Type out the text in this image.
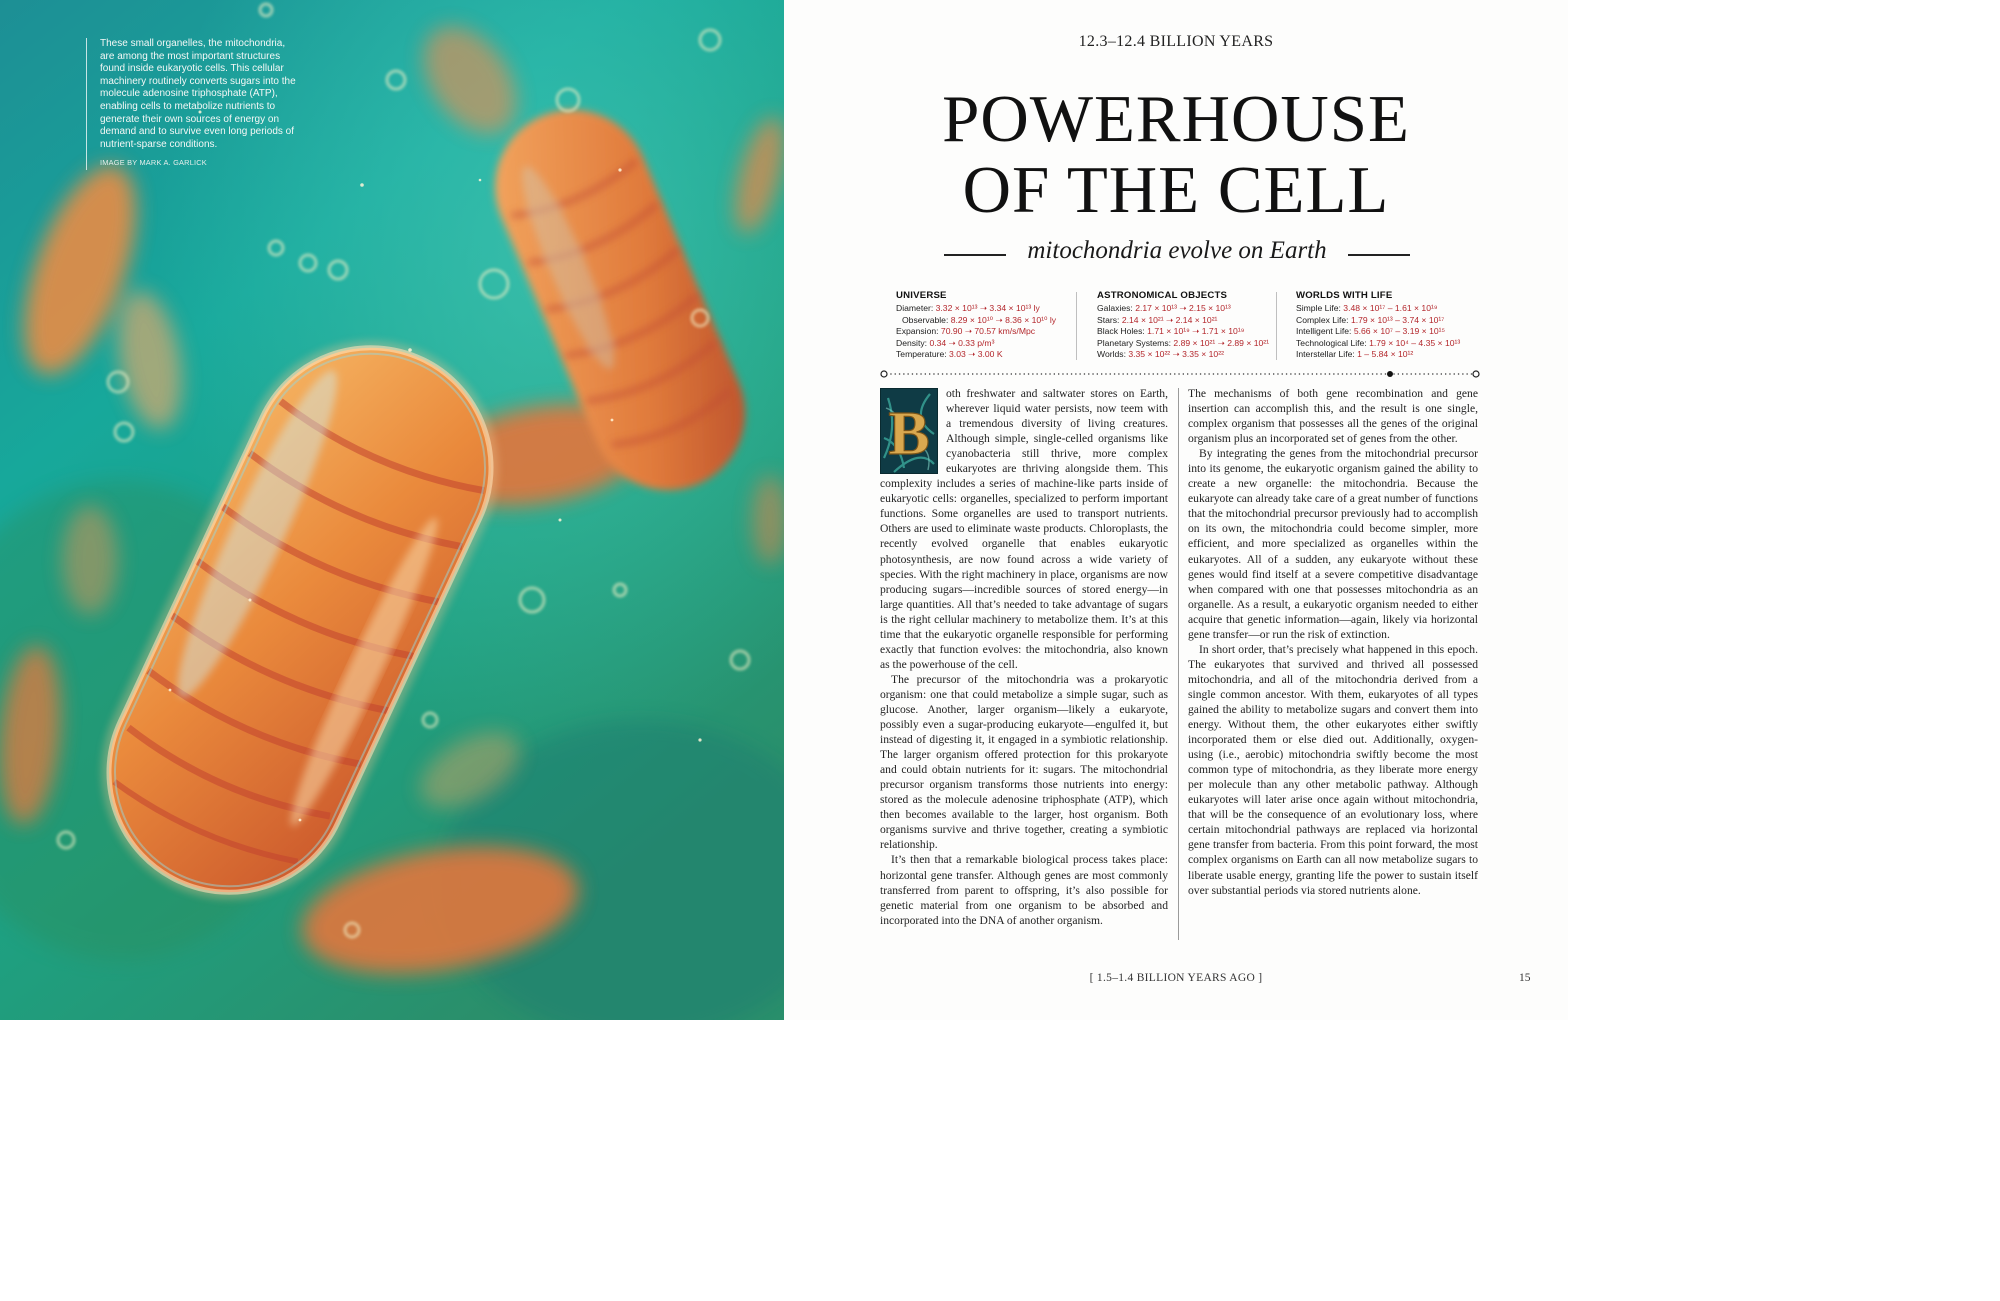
These small organelles, the mitochondria, are among the most important structures found inside eukaryotic cells. This cellular machinery routinely converts sugars into the molecule adenosine triphosphate (ATP), enabling cells to metabolize nutrients to generate their own sources of energy on demand and to survive even long periods of nutrient-sparse conditions.

IMAGE BY MARK A. GARLICK

12.3–12.4 BILLION YEARS
POWERHOUSE
OF THE CELL
mitochondria evolve on Earth
UNIVERSE
Diameter: 3.32 × 10¹³ ➝ 3.34 × 10¹³ ly
Observable: 8.29 × 10¹⁰ ➝ 8.36 × 10¹⁰ ly
Expansion: 70.90 ➝ 70.57 km/s/Mpc
Density: 0.34 ➝ 0.33 p/m³
Temperature: 3.03 ➝ 3.00 K
ASTRONOMICAL OBJECTS
Galaxies: 2.17 × 10¹³ ➝ 2.15 × 10¹³
Stars: 2.14 × 10²¹ ➝ 2.14 × 10²¹
Black Holes: 1.71 × 10¹⁹ ➝ 1.71 × 10¹⁹
Planetary Systems: 2.89 × 10²¹ ➝ 2.89 × 10²¹
Worlds: 3.35 × 10²² ➝ 3.35 × 10²²
WORLDS WITH LIFE
Simple Life: 3.48 × 10¹⁷ – 1.61 × 10¹⁹
Complex Life: 1.79 × 10¹³ – 3.74 × 10¹⁷
Intelligent Life: 5.66 × 10⁷ – 3.19 × 10¹⁵
Technological Life: 1.79 × 10⁴ – 4.35 × 10¹³
Interstellar Life: 1 – 5.84 × 10¹²

B
oth freshwater and saltwater stores on Earth, wherever liquid water persists, now teem with a tremendous diversity of living creatures. Although simple, single-celled organisms like cyanobacteria still thrive, more complex eukaryotes are thriving alongside them. This complexity includes a series of machine-like parts inside of eukaryotic cells: organelles, specialized to perform important functions. Some organelles are used to transport nutrients. Others are used to eliminate waste products. Chloroplasts, the recently evolved organelle that enables eukaryotic photosynthesis, are now found across a wide variety of species. With the right machinery in place, organisms are now producing sugars—incredible sources of stored energy—in large quantities. All that’s needed to take advantage of sugars is the right cellular machinery to metabolize them. It’s at this time that the eukaryotic organelle responsible for performing exactly that function evolves: the mitochondria, also known as the powerhouse of the cell.

The precursor of the mitochondria was a prokaryotic organism: one that could metabolize a simple sugar, such as glucose. Another, larger organism—likely a eukaryote, possibly even a sugar-producing eukaryote—engulfed it, but instead of digesting it, it engaged in a symbiotic relationship. The larger organism offered protection for this prokaryote and could obtain nutrients for it: sugars. The mitochondrial precursor organism transforms those nutrients into energy: stored as the molecule adenosine triphosphate (ATP), which then becomes available to the larger, host organism. Both organisms survive and thrive together, creating a symbiotic relationship.

It’s then that a remarkable biological process takes place: horizontal gene transfer. Although genes are most commonly transferred from parent to offspring, it’s also possible for genetic material from one organism to be absorbed and incorporated into the DNA of another organism.

The mechanisms of both gene recombination and gene insertion can accomplish this, and the result is one single, complex organism that possesses all the genes of the original organism plus an incorporated set of genes from the other.

By integrating the genes from the mitochondrial precursor into its genome, the eukaryotic organism gained the ability to create a new organelle: the mitochondria. Because the eukaryote can already take care of a great number of functions that the mitochondrial precursor previously had to accomplish on its own, the mitochondria could become simpler, more efficient, and more specialized as organelles within the eukaryotes. All of a sudden, any eukaryote without these genes would find itself at a severe competitive disadvantage when compared with one that possesses mitochondria as an organelle. As a result, a eukaryotic organism needed to either acquire that genetic information—again, likely via horizontal gene transfer—or run the risk of extinction.

In short order, that’s precisely what happened in this epoch. The eukaryotes that survived and thrived all possessed mitochondria, and all of the mitochondria derived from a single common ancestor. With them, eukaryotes of all types gained the ability to metabolize sugars and convert them into energy. Without them, the other eukaryotes either swiftly incorporated them or else died out. Additionally, oxygen-using (i.e., aerobic) mitochondria swiftly become the most common type of mitochondria, as they liberate more energy per molecule than any other metabolic pathway. Although eukaryotes will later arise once again without mitochondria, that will be the consequence of an evolutionary loss, where certain mitochondrial pathways are replaced via horizontal gene transfer from bacteria. From this point forward, the most complex organisms on Earth can all now metabolize sugars to liberate usable energy, granting life the power to sustain itself over substantial periods via stored nutrients alone.

[ 1.5–1.4 BILLION YEARS AGO ]	15
